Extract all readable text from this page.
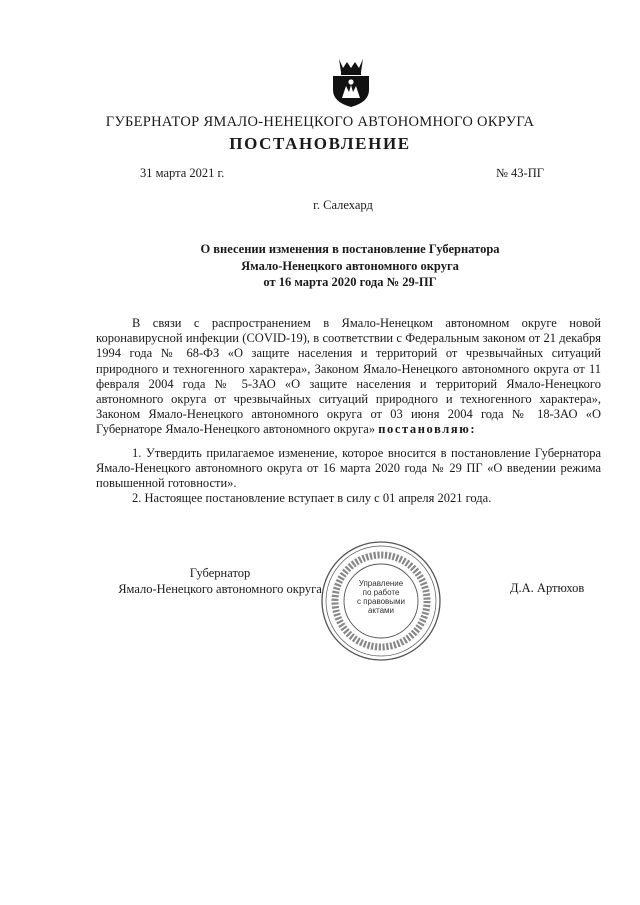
ГУБЕРНАТОР ЯМАЛО-НЕНЕЦКОГО АВТОНОМНОГО ОКРУГА
ПОСТАНОВЛЕНИЕ
31 марта 2021 г.	№ 43-ПГ
г. Салехард
О внесении изменения в постановление Губернатора
Ямало-Ненецкого автономного округа
от 16 марта 2020 года № 29-ПГ
В связи с распространением в Ямало-Ненецком автономном округе новой коронавирусной инфекции (COVID-19), в соответствии с Федеральным законом от 21 декабря 1994 года № 68-ФЗ «О защите населения и территорий от чрезвычайных ситуаций природного и техногенного характера», Законом Ямало-Ненецкого автономного округа от 11 февраля 2004 года № 5-ЗАО «О защите населения и территорий Ямало-Ненецкого автономного округа от чрезвычайных ситуаций природного и техногенного характера», Законом Ямало-Ненецкого автономного округа от 03 июня 2004 года № 18-ЗАО «О Губернаторе Ямало-Ненецкого автономного округа» постановляю:
1. Утвердить прилагаемое изменение, которое вносится в постановление Губернатора Ямало-Ненецкого автономного округа от 16 марта 2020 года № 29 ПГ «О введении режима повышенной готовности».
2. Настоящее постановление вступает в силу с 01 апреля 2021 года.
Губернатор
Ямало-Ненецкого автономного округа	Д.А. Артюхов
Управление
по работе
с правовыми
актами
